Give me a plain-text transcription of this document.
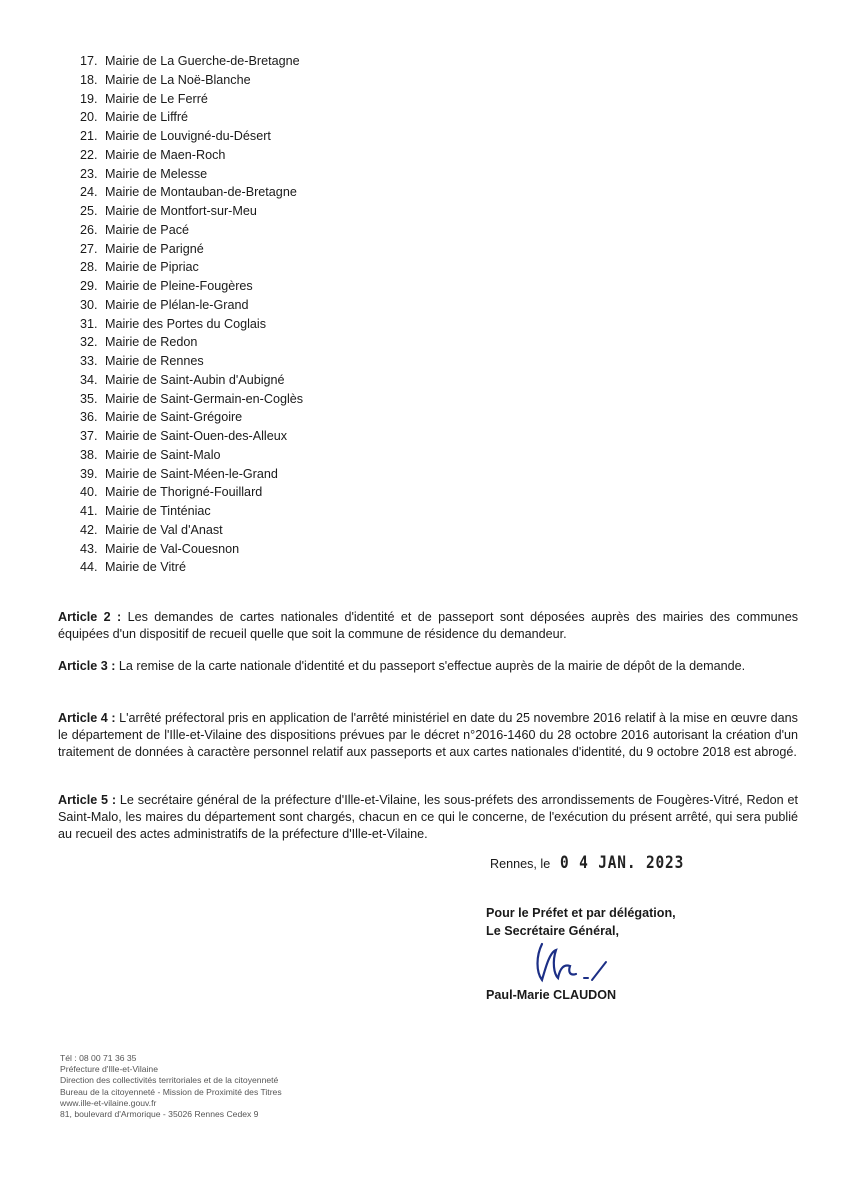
17. Mairie de La Guerche-de-Bretagne
18. Mairie de La Noë-Blanche
19. Mairie de Le Ferré
20. Mairie de Liffré
21. Mairie de Louvigné-du-Désert
22. Mairie de Maen-Roch
23. Mairie de Melesse
24. Mairie de Montauban-de-Bretagne
25. Mairie de Montfort-sur-Meu
26. Mairie de Pacé
27. Mairie de Parigné
28. Mairie de Pipriac
29. Mairie de Pleine-Fougères
30. Mairie de Plélan-le-Grand
31. Mairie des Portes du Coglais
32. Mairie de Redon
33. Mairie de Rennes
34. Mairie de Saint-Aubin d'Aubigné
35. Mairie de Saint-Germain-en-Coglès
36. Mairie de Saint-Grégoire
37. Mairie de Saint-Ouen-des-Alleux
38. Mairie de Saint-Malo
39. Mairie de Saint-Méen-le-Grand
40. Mairie de Thorigné-Fouillard
41. Mairie de Tinténiac
42. Mairie de Val d'Anast
43. Mairie de Val-Couesnon
44. Mairie de Vitré

Article 2 : Les demandes de cartes nationales d'identité et de passeport sont déposées auprès des mairies des communes équipées d'un dispositif de recueil quelle que soit la commune de résidence du demandeur.

Article 3 : La remise de la carte nationale d'identité et du passeport s'effectue auprès de la mairie de dépôt de la demande.

Article 4 : L'arrêté préfectoral pris en application de l'arrêté ministériel en date du 25 novembre 2016 relatif à la mise en œuvre dans le département de l'Ille-et-Vilaine des dispositions prévues par le décret n°2016-1460 du 28 octobre 2016 autorisant la création d'un traitement de données à caractère personnel relatif aux passeports et aux cartes nationales d'identité, du 9 octobre 2018 est abrogé.

Article 5 : Le secrétaire général de la préfecture d'Ille-et-Vilaine, les sous-préfets des arrondissements de Fougères-Vitré, Redon et Saint-Malo, les maires du département sont chargés, chacun en ce qui le concerne, de l'exécution du présent arrêté, qui sera publié au recueil des actes administratifs de la préfecture d'Ille-et-Vilaine.

Rennes, le 0 4 JAN. 2023
Pour le Préfet et par délégation,
Le Secrétaire Général,
Paul-Marie CLAUDON
Tél : 08 00 71 36 35
Préfecture d'Ille-et-Vilaine
Direction des collectivités territoriales et de la citoyenneté
Bureau de la citoyenneté - Mission de Proximité des Titres
www.ille-et-vilaine.gouv.fr
81, boulevard d'Armorique - 35026 Rennes Cedex 9
